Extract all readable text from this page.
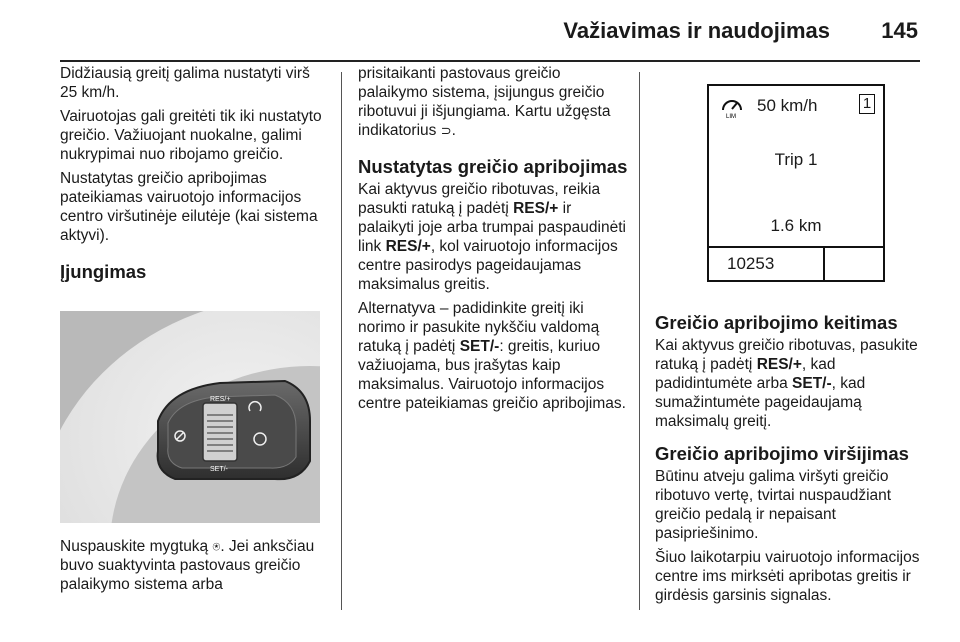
Važiavimas ir naudojimas 145

Didžiausią greitį galima nustatyti virš 25 km/h.

Vairuotojas gali greitėti tik iki nustatyto greičio. Važiuojant nuokalne, galimi nukrypimai nuo ribojamo greičio.

Nustatytas greičio apribojimas pateikiamas vairuotojo informacijos centro viršutinėje eilutėje (kai sistema aktyvi).

Įjungimas
RES/+
SET/-

Nuspauskite mygtuką ⍟. Jei anksčiau buvo suaktyvinta pastovaus greičio palaikymo sistema arba

prisitaikanti pastovaus greičio palaikymo sistema, įsijungus greičio ribotuvui ji išjungiama. Kartu užgęsta indikatorius ⊃.

Nustatytas greičio apribojimas

Kai aktyvus greičio ribotuvas, reikia pasukti ratuką į padėtį RES/+ ir palaikyti joje arba trumpai paspaudinėti link RES/+, kol vairuotojo informacijos centre pasirodys pageidaujamas maksimalus greitis.

Alternatyva – padidinkite greitį iki norimo ir pasukite nykščiu valdomą ratuką į padėtį SET/-: greitis, kuriuo važiuojama, bus įrašytas kaip maksimalus. Vairuotojo informacijos centre pateikiamas greičio apribojimas.

LIM
50 km/h	1
Trip 1
1.6 km
10253
Greičio apribojimo keitimas

Kai aktyvus greičio ribotuvas, pasukite ratuką į padėtį RES/+, kad padidintumėte arba SET/-, kad sumažintumėte pageidaujamą maksimalų greitį.

Greičio apribojimo viršijimas

Būtinu atveju galima viršyti greičio ribotuvo vertę, tvirtai nuspaudžiant greičio pedalą ir nepaisant pasipriešinimo.

Šiuo laikotarpiu vairuotojo informacijos centre ims mirksėti apribotas greitis ir girdėsis garsinis signalas.
